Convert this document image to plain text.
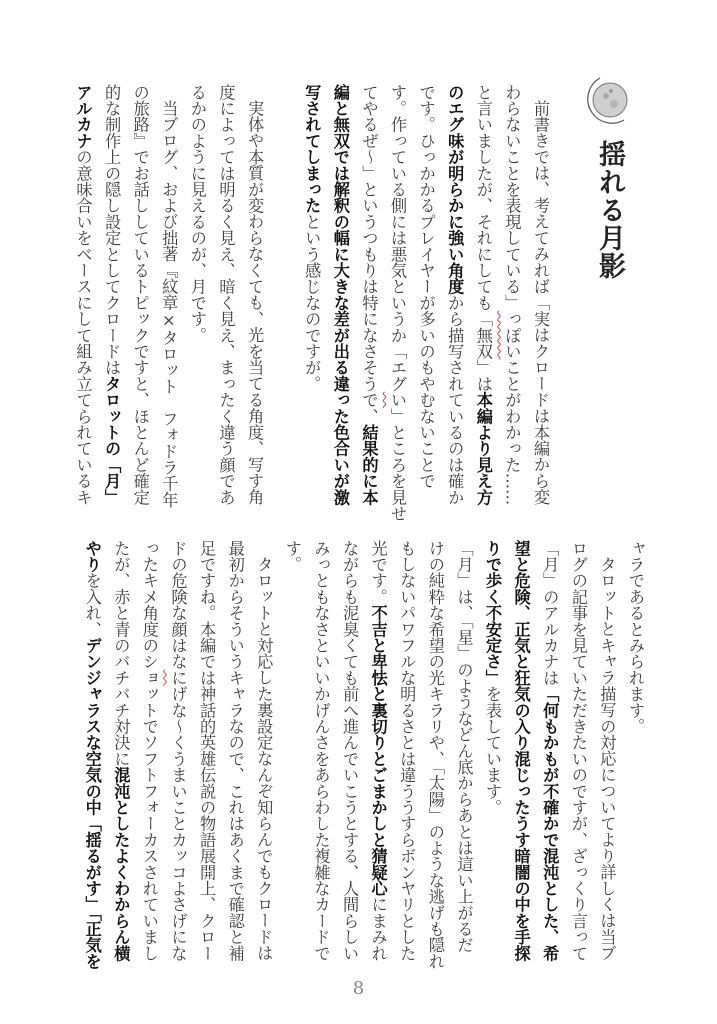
揺れる月影
前書きでは、考えてみれば「実はクロードは本編から変
わらないことを表現している」っぽいことがわかった……
と言いましたが、それにしても「無双」は本編より見え方
のエグ味が明らかに強い角度から描写されているのは確か
です。ひっかかるプレイヤーが多いのもやむないことで
す。作っている側には悪気というか「エグい」ところを見せ
てやるぜ～」というつもりは特になさそうで、結果的に本
編と無双では解釈の幅に大きな差が出る違った色合いが激
写されてしまったという感じなのですが。
実体や本質が変わらなくても、光を当てる角度、写す角
度によっては明るく見え、暗く見え、まったく違う顔であ
るかのように見えるのが、月です。
当ブログ、および拙著『紋章×タロット　フォドラ千年
の旅路』でお話ししているトピックですと、ほとんど確定
的な制作上の隠し設定としてクロードはタロットの「月」
アルカナの意味合いをベースにして組み立てられているキ
ャラであるとみられます。
タロットとキャラ描写の対応についてより詳しくは当ブ
ログの記事を見ていただきたいのですが、ざっくり言って
「月」のアルカナは「何もかもが不確かで混沌とした、希
望と危険、正気と狂気の入り混じったうす暗闇の中を手探
りで歩く不安定さ」を表しています。
「月」は、「星」のようなどん底からあとは這い上がるだ
けの純粋な希望の光キラリや、「太陽」のような逃げも隠れ
もしないパワフルな明るさとは違ううすらボンヤリとした
光です。不吉と卑怯と裏切りとごまかしと猜疑心にまみれ
ながらも泥臭くても前へ進んでいこうとする、人間らしい
みっともなさといいかげんさをあらわした複雑なカードで
す。
タロットと対応した裏設定なんぞ知らんでもクロードは
最初からそういうキャラなので、これはあくまで確認と補
足ですね。本編では神話的英雄伝説の物語展開上、クロー
ドの危険な顔はなにげな～くうまいことカッコよさげにな
ったキメ角度のショットでソフトフォーカスされていまし
たが、赤と青のバチバチ対決に混沌としたよくわからん横
やりを入れ、デンジャラスな空気の中「揺るがす」「正気を
8
